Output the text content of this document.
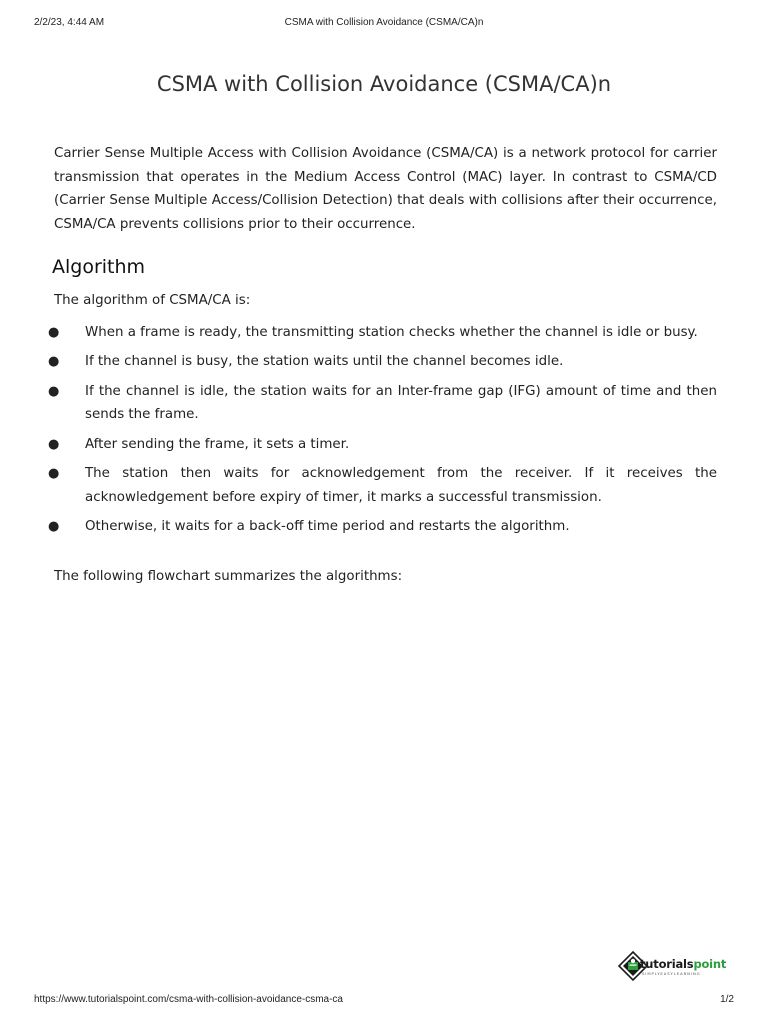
2/2/23, 4:44 AM	CSMA with Collision Avoidance (CSMA/CA)n
CSMA with Collision Avoidance (CSMA/CA)n

Carrier Sense Multiple Access with Collision Avoidance (CSMA/CA) is a network protocol for carrier transmission that operates in the Medium Access Control (MAC) layer. In contrast to CSMA/CD (Carrier Sense Multiple Access/Collision Detection) that deals with collisions after their occurrence, CSMA/CA prevents collisions prior to their occurrence.

Algorithm

The algorithm of CSMA/CA is:

● When a frame is ready, the transmitting station checks whether the channel is idle or busy.
● If the channel is busy, the station waits until the channel becomes idle.
● If the channel is idle, the station waits for an Inter-frame gap (IFG) amount of time and then sends the frame.
● After sending the frame, it sets a timer.
● The station then waits for acknowledgement from the receiver. If it receives the acknowledgement before expiry of timer, it marks a successful transmission.
● Otherwise, it waits for a back-off time period and restarts the algorithm.

The following flowchart summarizes the algorithms:

tutorialspoint
SIMPLYEASYLEARNING
https://www.tutorialspoint.com/csma-with-collision-avoidance-csma-ca	1/2
